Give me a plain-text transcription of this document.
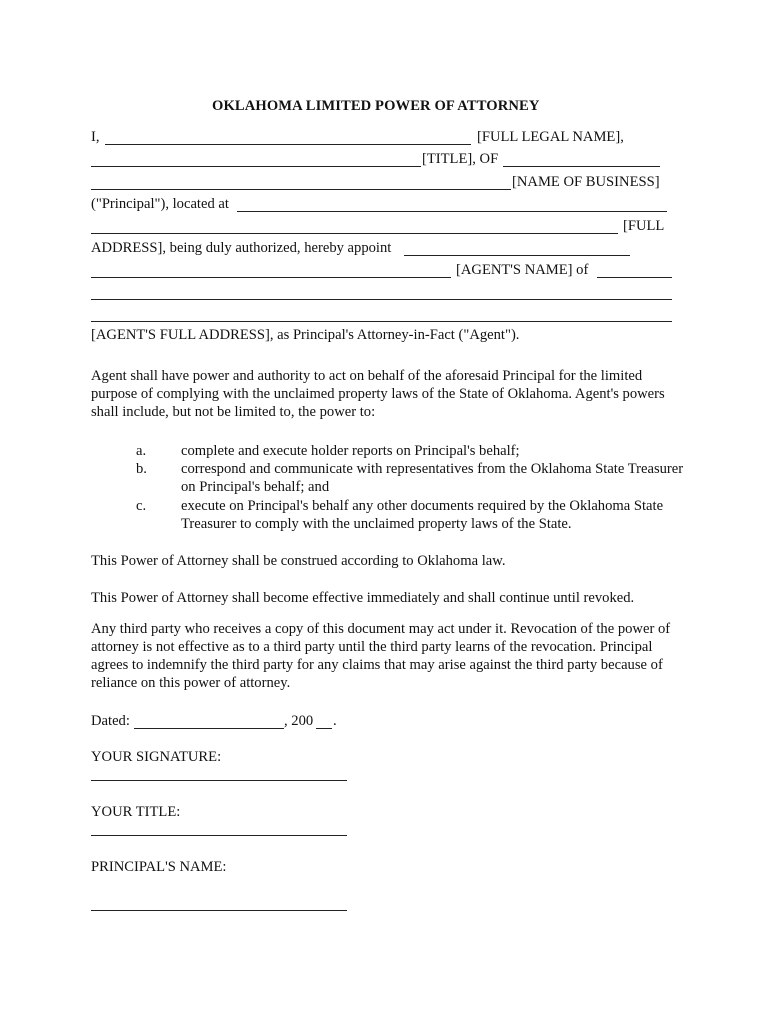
OKLAHOMA LIMITED POWER OF ATTORNEY
I,	[FULL LEGAL NAME],
[TITLE], OF
[NAME OF BUSINESS]
("Principal"), located at
[FULL
ADDRESS], being duly authorized, hereby appoint
[AGENT'S NAME] of
[AGENT'S FULL ADDRESS], as Principal's Attorney-in-Fact ("Agent").
Agent shall have power and authority to act on behalf of the aforesaid Principal for the limited purpose of complying with the unclaimed property laws of the State of Oklahoma. Agent's powers shall include, but not be limited to, the power to:
a. complete and execute holder reports on Principal's behalf;
b. correspond and communicate with representatives from the Oklahoma State Treasurer on Principal's behalf; and
c. execute on Principal's behalf any other documents required by the Oklahoma State Treasurer to comply with the unclaimed property laws of the State.
This Power of Attorney shall be construed according to Oklahoma law.
This Power of Attorney shall become effective immediately and shall continue until revoked.
Any third party who receives a copy of this document may act under it. Revocation of the power of attorney is not effective as to a third party until the third party learns of the revocation. Principal agrees to indemnify the third party for any claims that may arise against the third party because of reliance on this power of attorney.
Dated:	, 200 .
YOUR SIGNATURE:
YOUR TITLE:
PRINCIPAL'S NAME:
